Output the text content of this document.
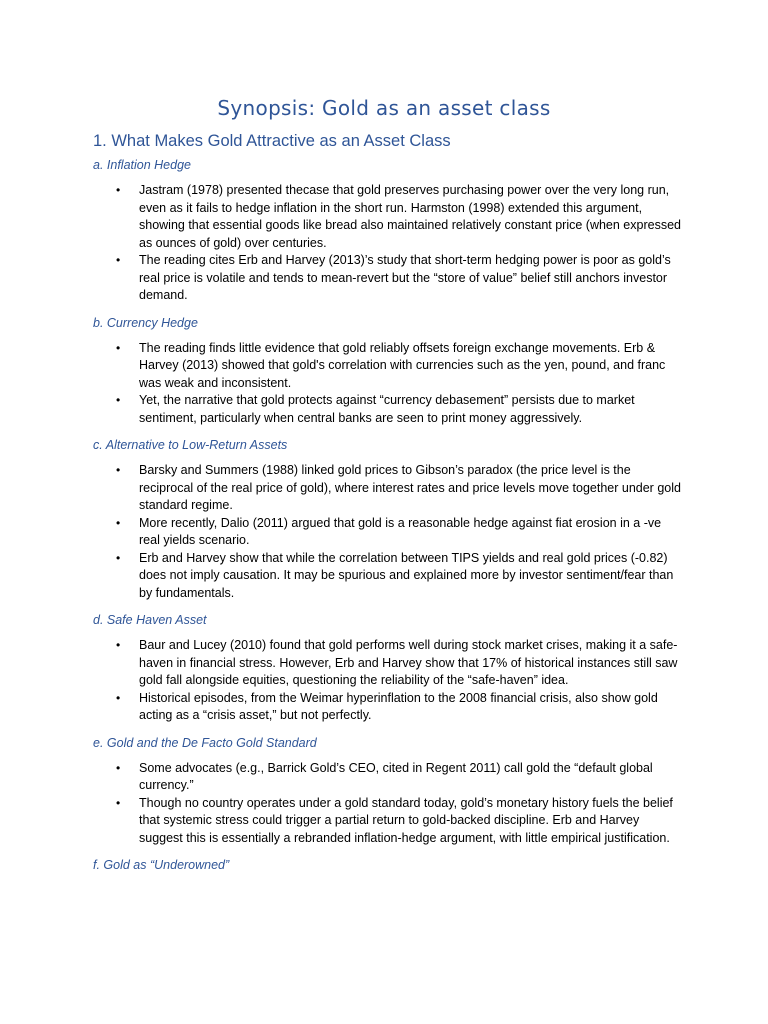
Synopsis: Gold as an asset class
1. What Makes Gold Attractive as an Asset Class
a. Inflation Hedge
• Jastram (1978) presented thecase that gold preserves purchasing power over the very long run, even as it fails to hedge inflation in the short run. Harmston (1998) extended this argument, showing that essential goods like bread also maintained relatively constant price (when expressed as ounces of gold) over centuries.
• The reading cites Erb and Harvey (2013)’s study that short-term hedging power is poor as gold’s real price is volatile and tends to mean-revert but the “store of value” belief still anchors investor demand.
b. Currency Hedge
• The reading finds little evidence that gold reliably offsets foreign exchange movements. Erb & Harvey (2013) showed that gold's correlation with currencies such as the yen, pound, and franc was weak and inconsistent.
• Yet, the narrative that gold protects against “currency debasement” persists due to market sentiment, particularly when central banks are seen to print money aggressively.
c. Alternative to Low-Return Assets
• Barsky and Summers (1988) linked gold prices to Gibson’s paradox (the price level is the reciprocal of the real price of gold), where interest rates and price levels move together under gold standard regime.
• More recently, Dalio (2011) argued that gold is a reasonable hedge against fiat erosion in a -ve real yields scenario.
• Erb and Harvey show that while the correlation between TIPS yields and real gold prices (-0.82) does not imply causation. It may be spurious and explained more by investor sentiment/fear than by fundamentals.
d. Safe Haven Asset
• Baur and Lucey (2010) found that gold performs well during stock market crises, making it a safe-haven in financial stress. However, Erb and Harvey show that 17% of historical instances still saw gold fall alongside equities, questioning the reliability of the “safe-haven” idea.
• Historical episodes, from the Weimar hyperinflation to the 2008 financial crisis, also show gold acting as a “crisis asset,” but not perfectly.
e. Gold and the De Facto Gold Standard
• Some advocates (e.g., Barrick Gold’s CEO, cited in Regent 2011) call gold the “default global currency.”
• Though no country operates under a gold standard today, gold’s monetary history fuels the belief that systemic stress could trigger a partial return to gold-backed discipline. Erb and Harvey suggest this is essentially a rebranded inflation-hedge argument, with little empirical justification.
f. Gold as “Underowned”
